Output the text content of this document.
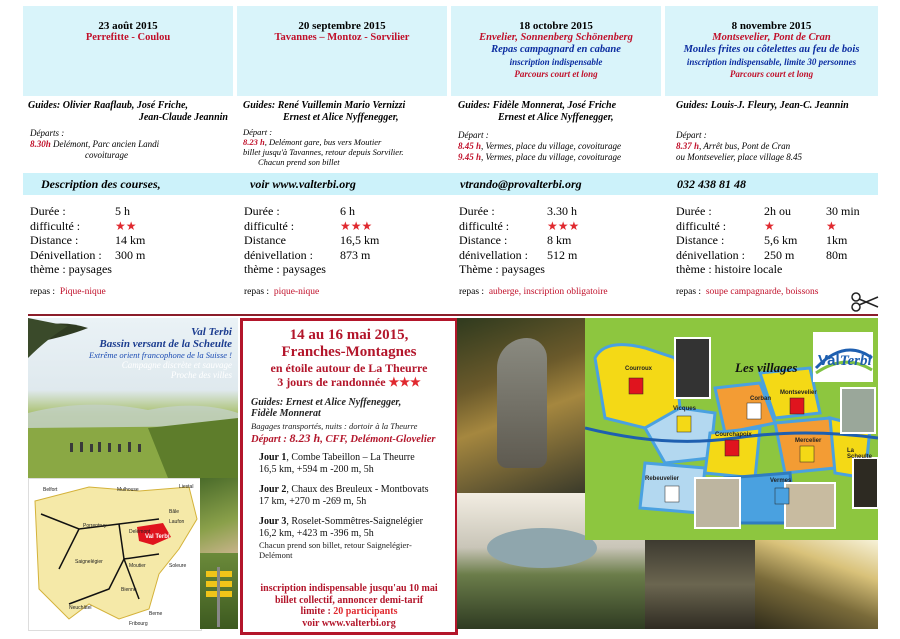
23 août 2015
Perrefitte - Coulou
20 septembre 2015
Tavannes – Montoz - Sorvilier
18 octobre 2015
Envelier, Sonnenberg Schönenberg
Repas campagnard en cabane
inscription indispensable
Parcours court et long
8 novembre 2015
Montsevelier, Pont de Cran
Moules frites ou côtelettes au feu de bois
inscription indispensable, limite 30 personnes
Parcours court et long
Guides: Olivier Raaflaub, José Friche,
Jean-Claude Jeannin
Guides: René Vuillemin Mario Vernizzi
Ernest et Alice Nyffenegger,
Guides: Fidèle Monnerat, José Friche
Ernest et Alice Nyffenegger,
Guides: Louis-J. Fleury, Jean-C. Jeannin
Départs :
8.30h Delémont, Parc ancien Landi
covoiturage
Départ :
8.23 h, Delémont gare, bus vers Moutier
billet jusqu'à Tavannes, retour depuis Sorvilier.
Chacun prend son billet
Départ :
8.45 h, Vermes, place du village, covoiturage
9.45 h, Vermes, place du village, covoiturage
Départ :
8.37 h, Arrêt bus, Pont de Cran
ou Montsevelier, place village 8.45
Description des courses,	voir www.valterbi.org	vtrando@provalterbi.org	032 438 81 48
Durée :	5 h
difficulté :	★★
Distance :	14 km
Dénivellation :	300 m
thème : paysages	
Durée :	6 h
difficulté :	★★★
Distance	16,5 km
dénivellation :	873 m
thème : paysages	
Durée :	3.30 h
difficulté :	★★★
Distance :	8 km
dénivellation :	512 m
Thème : paysages	
Durée :	2h ou	30 min
difficulté :	★	★
Distance :	5,6 km	1km
dénivellation :	250 m	80m
thème : histoire locale		
repas : Pique-nique	repas : pique-nique	repas : auberge, inscription obligatoire	repas : soupe campagnarde, boissons
Val Terbi
Bassin versant de la Scheulte
Extrême orient francophone de la Suisse !
Campagne discrète et sauvage
Proche des villes
Val Terbi
Belfort	Mulhouse
Bâle
Porrentruy
Laufon
Delémont
Liestal
Moutier
Saignelégier
Soleure
Bienne
Neuchâtel
Berne
Fribourg
14 au 16 mai 2015,
Franches-Montagnes
en étoile autour de La Theurre
3 jours de randonnée ★★★
Guides: Ernest et Alice Nyffenegger,
Fidèle Monnerat
Bagages transportés, nuits : dortoir à la Theurre
Départ : 8.23 h, CFF, Delémont-Glovelier
Jour 1, Combe Tabeillon – La Theurre
16,5 km, +594 m -200 m, 5h
Jour 2, Chaux des Breuleux - Montbovats
17 km, +270 m -269 m, 5h
Jour 3, Roselet-Sommêtres-Saignelégier
16,2 km, +423 m -396 m, 5h
Chacun prend son billet, retour Saignelégier-
Delémont
inscription indispensable jusqu'au 10 mai
billet collectif, annoncer demi-tarif
limite : 20 participants
voir www.valterbi.org
Les villages ValTerbi
Courroux
Vicques
Corban
Montsevelier
Courchapoix
Mercelier
Rebeuvelier	Vermes
La Scheulte
